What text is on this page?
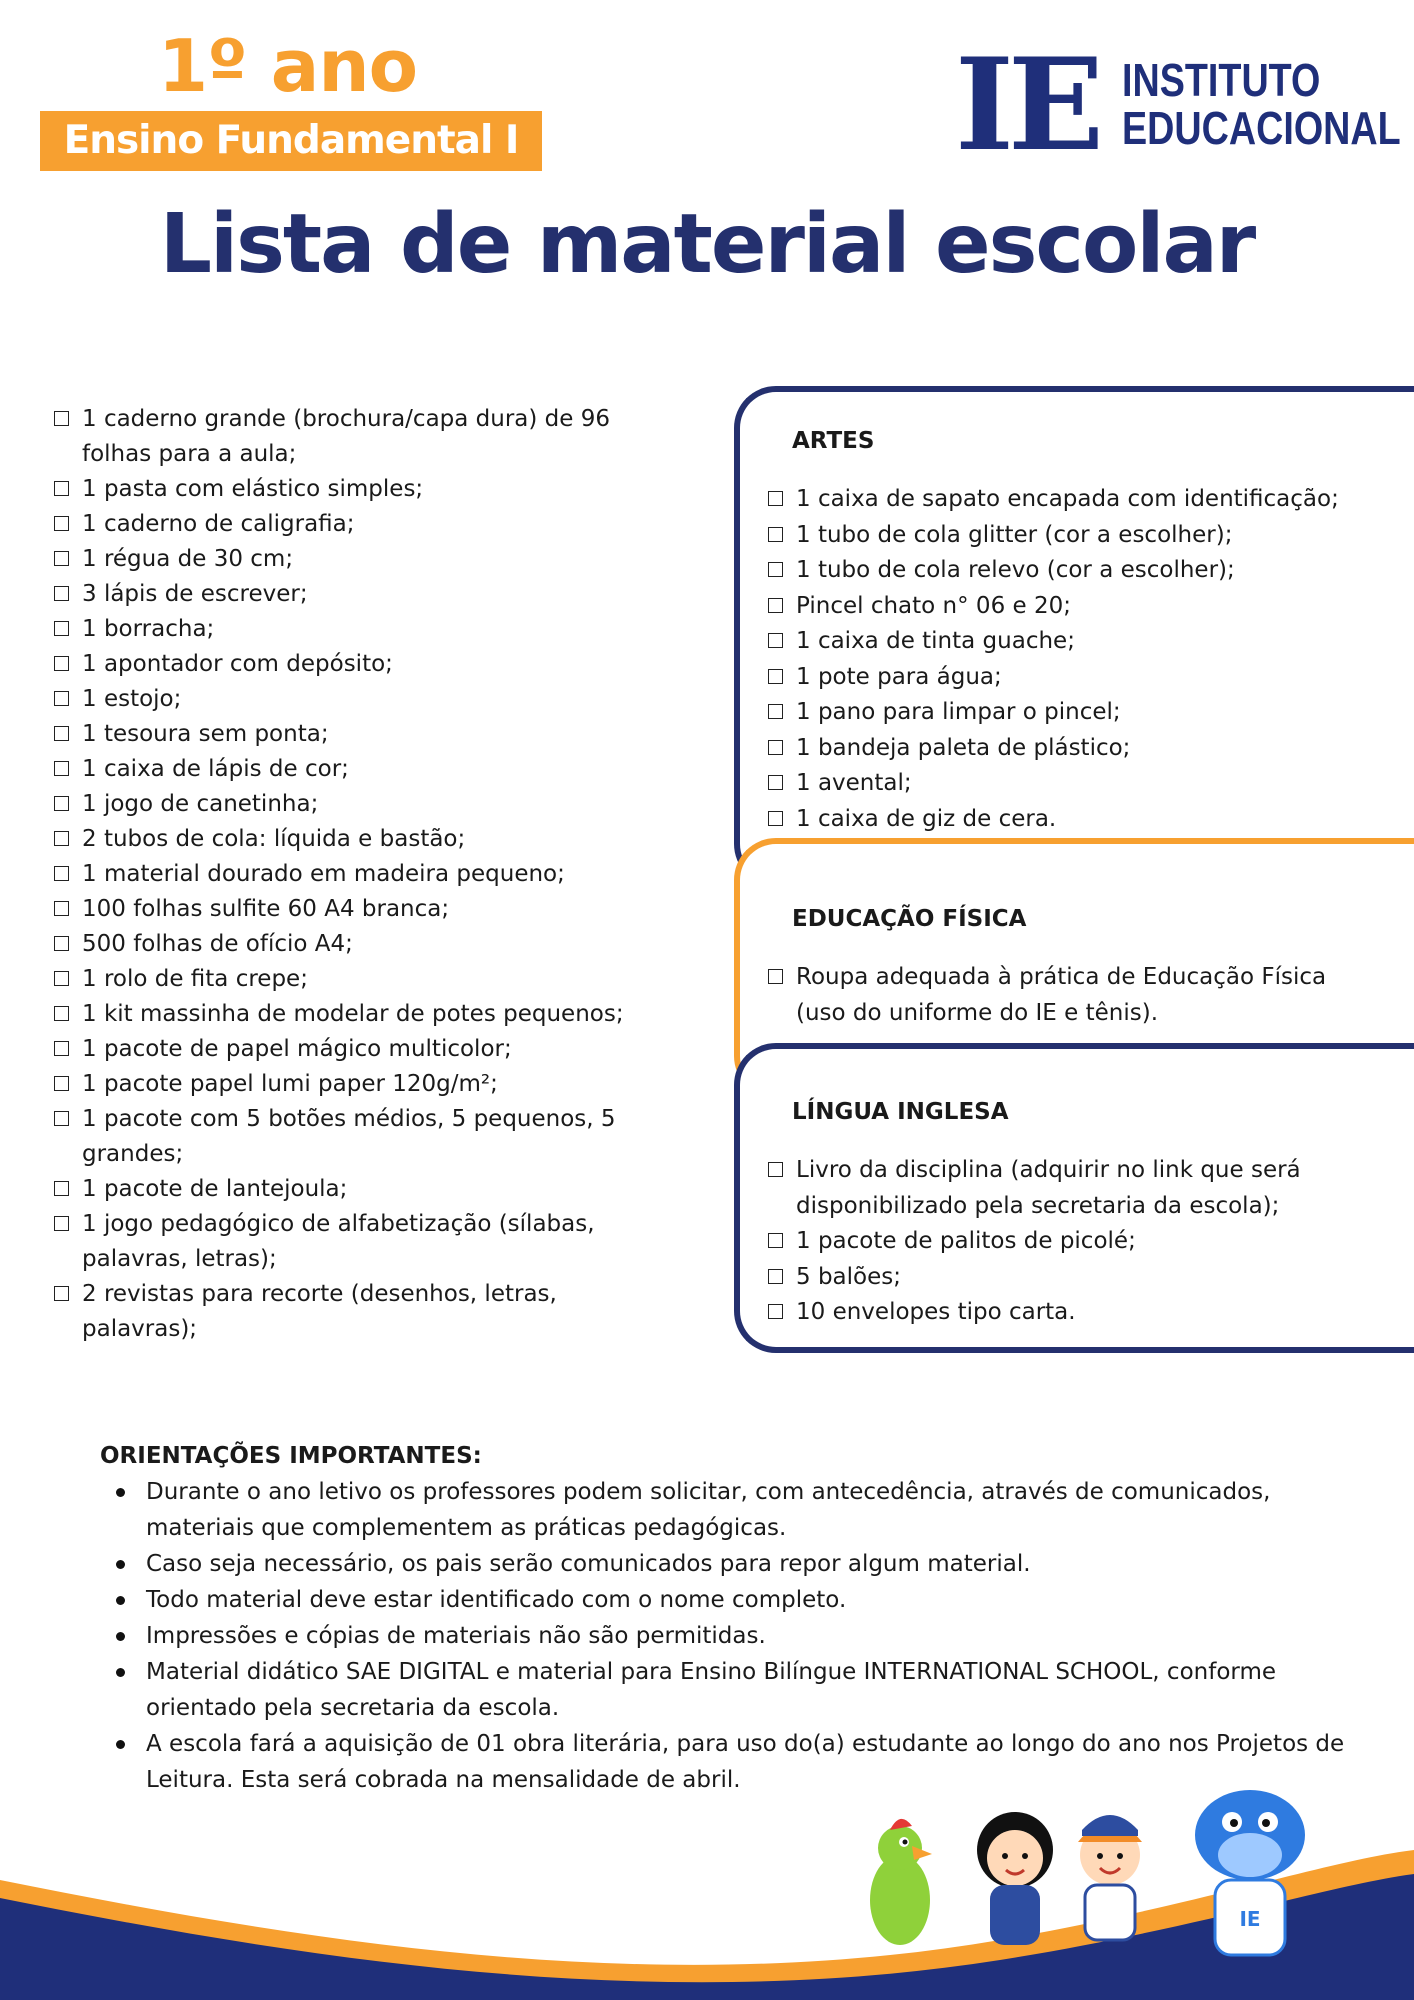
1º ano
Ensino Fundamental I	IE INSTITUTO
EDUCACIONAL
Lista de material escolar
1 caderno grande (brochura/capa dura) de 96
folhas para a aula;
1 pasta com elástico simples;
1 caderno de caligrafia;
1 régua de 30 cm;
3 lápis de escrever;
1 borracha;
1 apontador com depósito;
1 estojo;
1 tesoura sem ponta;
1 caixa de lápis de cor;
1 jogo de canetinha;
2 tubos de cola: líquida e bastão;
1 material dourado em madeira pequeno;
100 folhas sulfite 60 A4 branca;
500 folhas de ofício A4;
1 rolo de fita crepe;
1 kit massinha de modelar de potes pequenos;
1 pacote de papel mágico multicolor;
1 pacote papel lumi paper 120g/m²;
1 pacote com 5 botões médios, 5 pequenos, 5
grandes;
1 pacote de lantejoula;
1 jogo pedagógico de alfabetização (sílabas,
palavras, letras);
2 revistas para recorte (desenhos, letras,
palavras);
ARTES
1 caixa de sapato encapada com identificação;
1 tubo de cola glitter (cor a escolher);
1 tubo de cola relevo (cor a escolher);
Pincel chato n° 06 e 20;
1 caixa de tinta guache;
1 pote para água;
1 pano para limpar o pincel;
1 bandeja paleta de plástico;
1 avental;
1 caixa de giz de cera.
EDUCAÇÃO FÍSICA
Roupa adequada à prática de Educação Física
(uso do uniforme do IE e tênis).
LÍNGUA INGLESA
Livro da disciplina (adquirir no link que será
disponibilizado pela secretaria da escola);
1 pacote de palitos de picolé;
5 balões;
10 envelopes tipo carta.
ORIENTAÇÕES IMPORTANTES:
Durante o ano letivo os professores podem solicitar, com antecedência, através de comunicados, materiais que complementem as práticas pedagógicas.
Caso seja necessário, os pais serão comunicados para repor algum material.
Todo material deve estar identificado com o nome completo.
Impressões e cópias de materiais não são permitidas.
Material didático SAE DIGITAL e material para Ensino Bilíngue INTERNATIONAL SCHOOL, conforme orientado pela secretaria da escola.
A escola fará a aquisição de 01 obra literária, para uso do(a) estudante ao longo do ano nos Projetos de Leitura. Esta será cobrada na mensalidade de abril.
IE
